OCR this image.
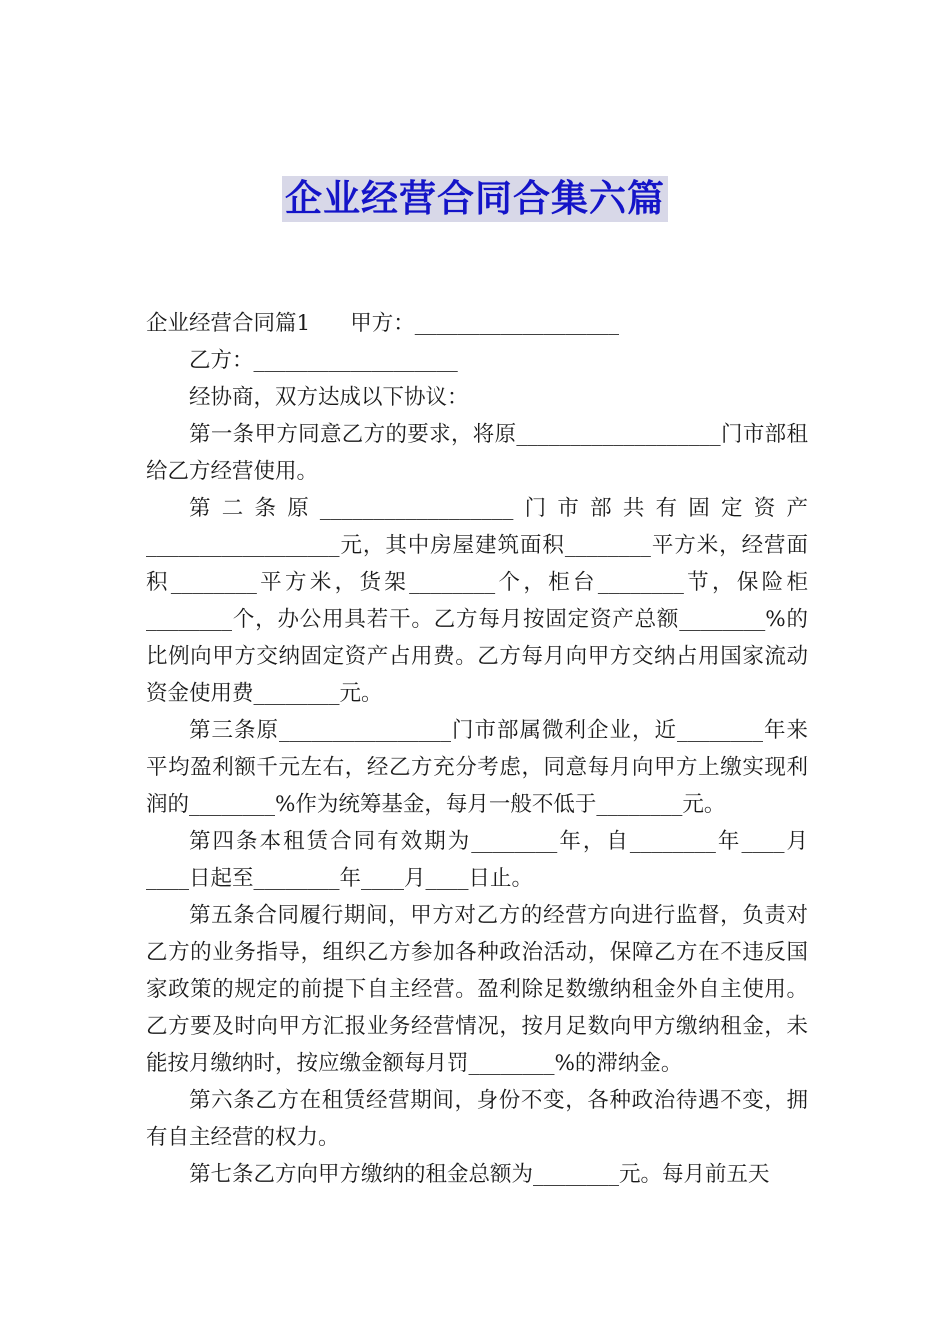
企业经营合同合集六篇

企业经营合同篇1 甲方：___________________

乙方：___________________

经协商，双方达成以下协议：

第一条甲方同意乙方的要求，将原___________________门市部租给乙方经营使用。

第二条原__________________门市部共有固定资产__________________元，其中房屋建筑面积________平方米，经营面积________平方米，货架________个，柜台________节，保险柜________个，办公用具若干。乙方每月按固定资产总额________%的比例向甲方交纳固定资产占用费。乙方每月向甲方交纳占用国家流动资金使用费________元。

第三条原________________门市部属微利企业，近________年来平均盈利额千元左右，经乙方充分考虑，同意每月向甲方上缴实现利润的________%作为统筹基金，每月一般不低于________元。

第四条本租赁合同有效期为________年，自________年____月____日起至________年____月____日止。

第五条合同履行期间，甲方对乙方的经营方向进行监督，负责对乙方的业务指导，组织乙方参加各种政治活动，保障乙方在不违反国家政策的规定的前提下自主经营。盈利除足数缴纳租金外自主使用。乙方要及时向甲方汇报业务经营情况，按月足数向甲方缴纳租金，未能按月缴纳时，按应缴金额每月罚________%的滞纳金。

第六条乙方在租赁经营期间，身份不变，各种政治待遇不变，拥有自主经营的权力。

第七条乙方向甲方缴纳的租金总额为________元。每月前五天
